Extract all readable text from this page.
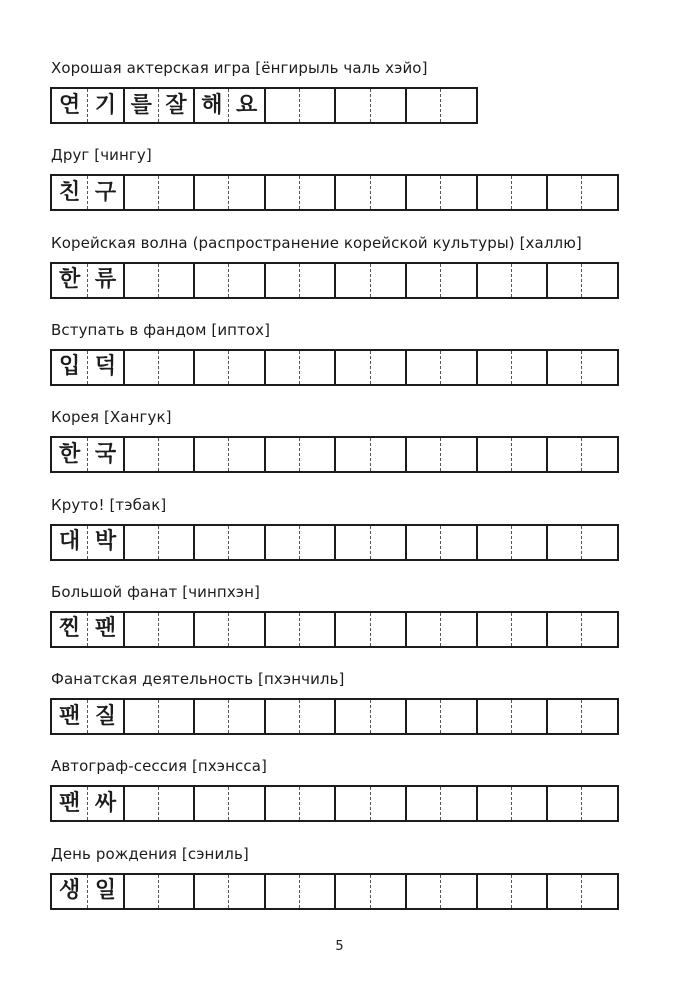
Хорошая актерская игра [ёнгирыль чаль хэйо]
연 기 를 잘 해 요
Друг [чингу]
친 구
Корейская волна (распространение корейской культуры) [халлю]
한 류
Вступать в фандом [иптох]
입 덕
Корея [Хангук]
한 국
Круто! [тэбак]
대 박
Большой фанат [чинпхэн]
찐 팬
Фанатская деятельность [пхэнчиль]
팬 질
Автограф-сессия [пхэнсса]
팬 싸
День рождения [сэниль]
생 일
5
